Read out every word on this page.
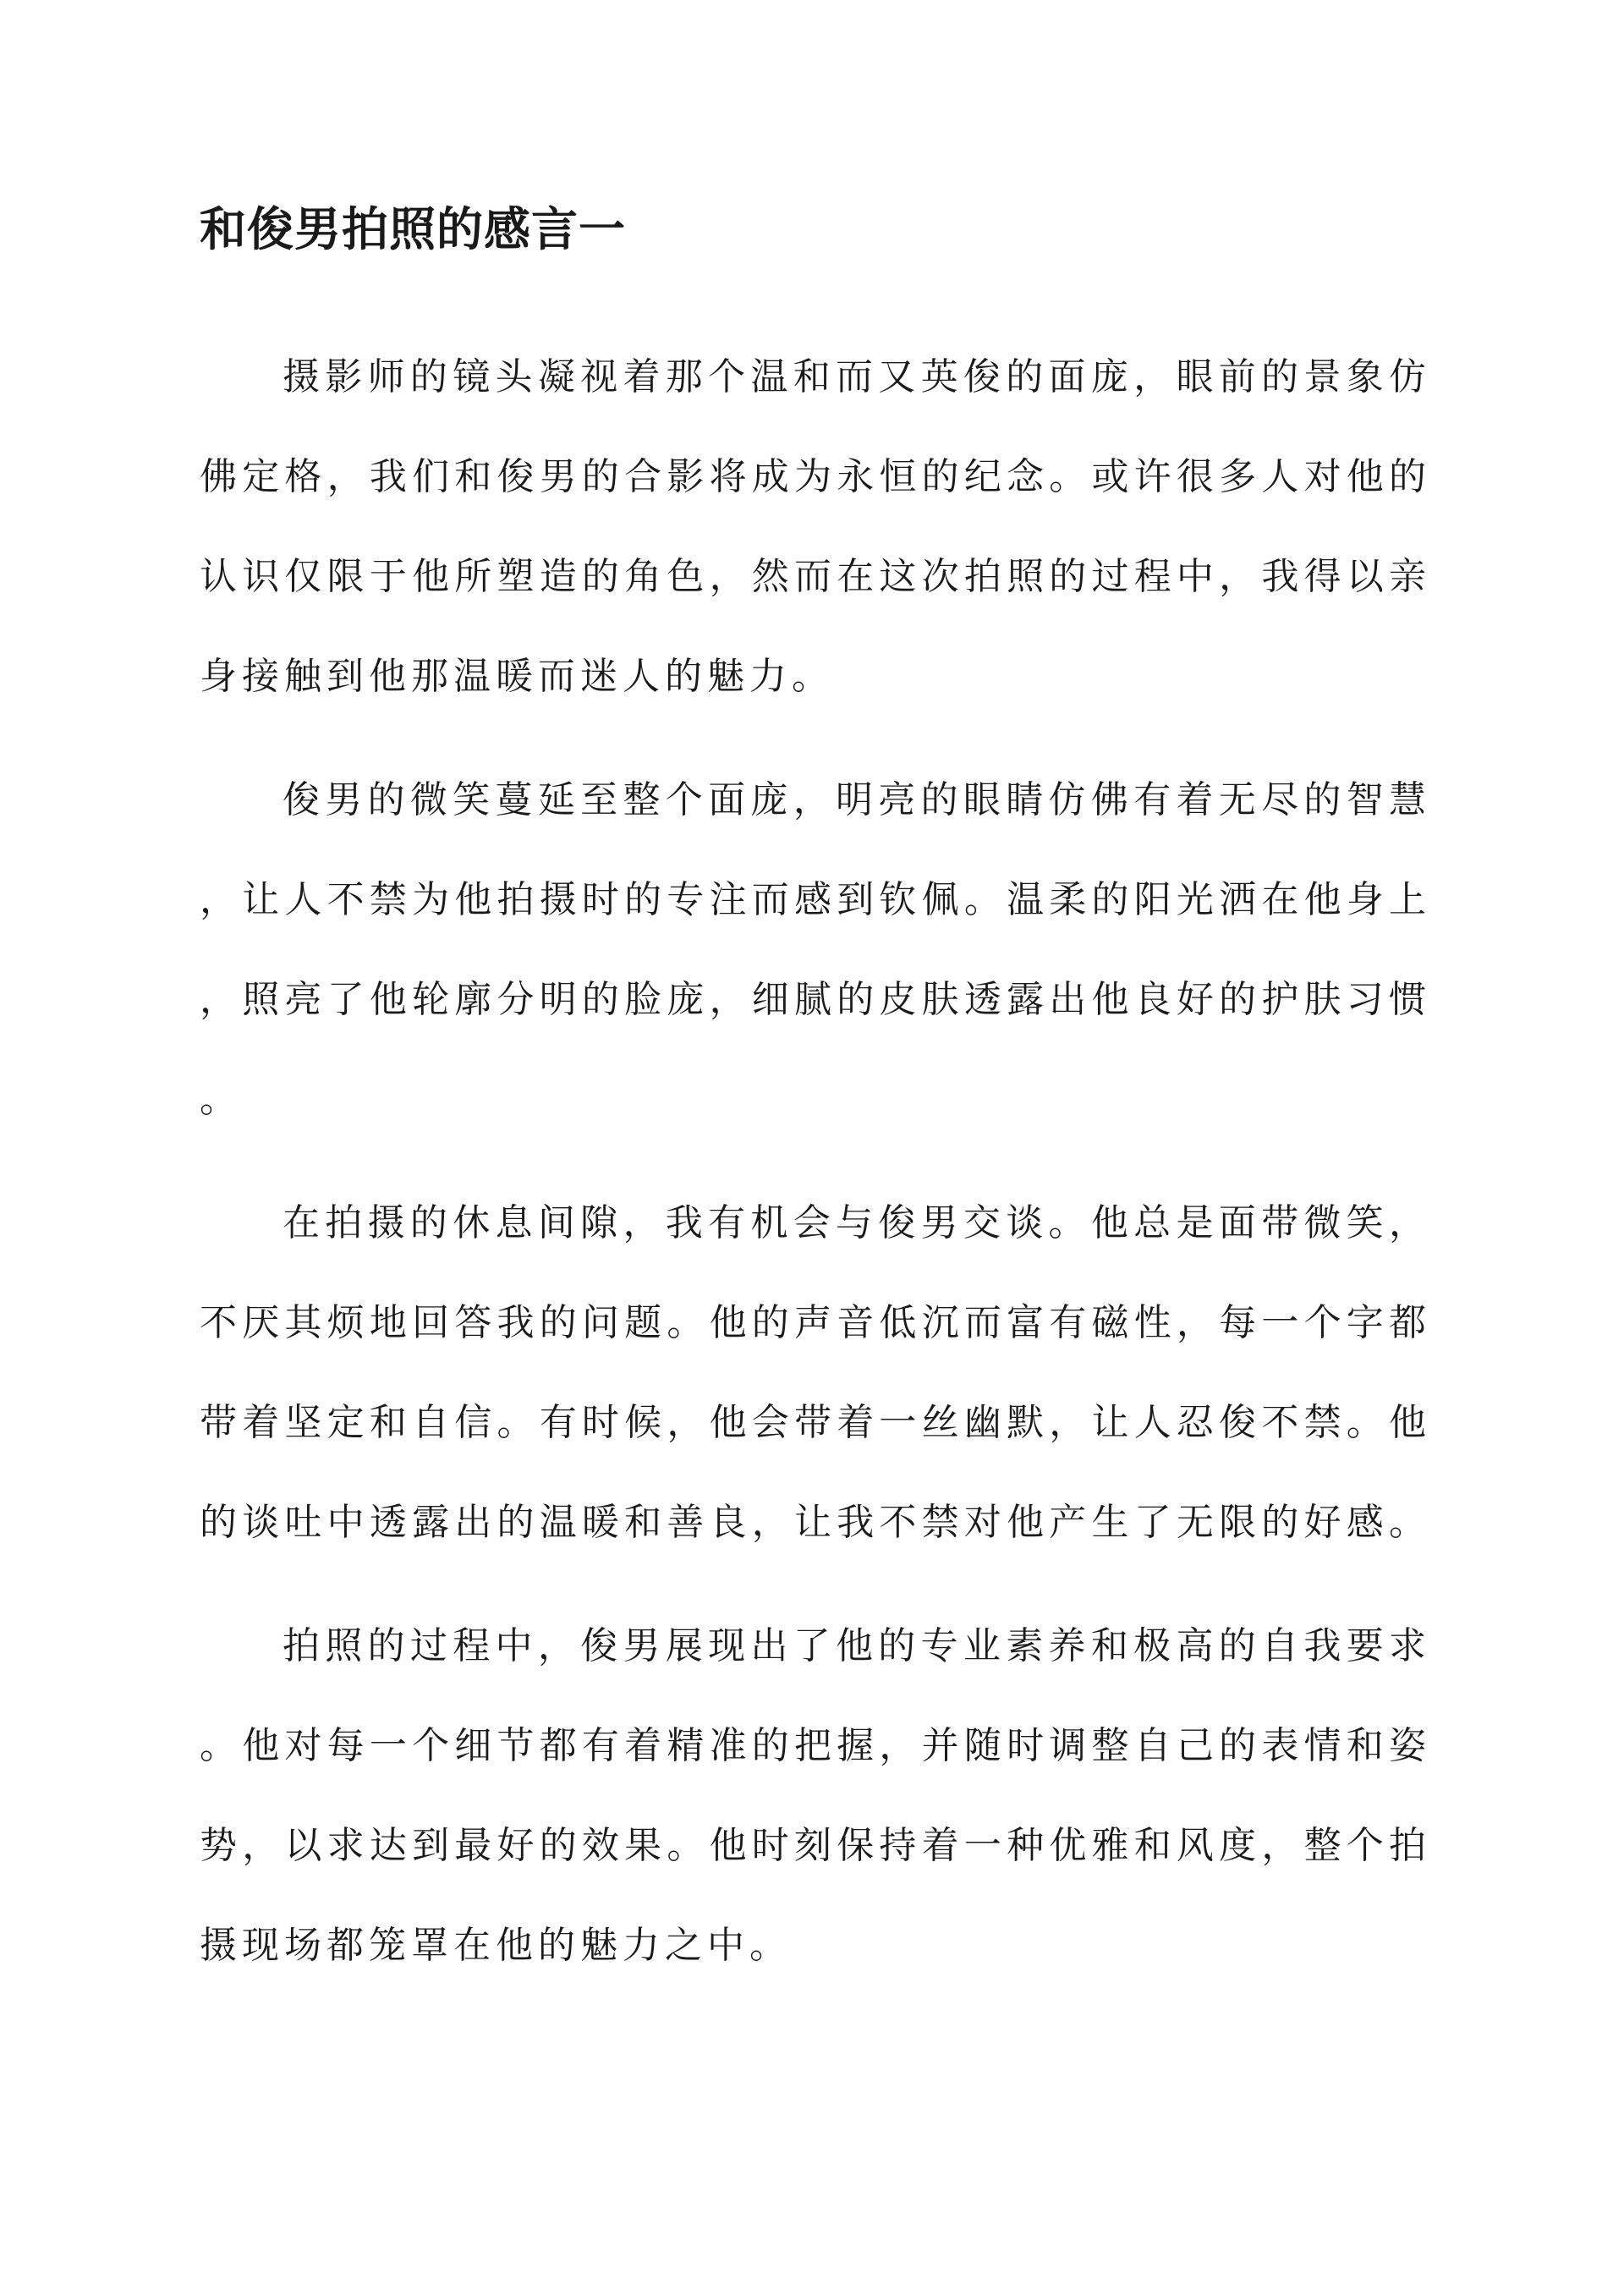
和俊男拍照的感言一

摄影师的镜头凝视着那个温和而又英俊的面庞，眼前的景象仿

佛定格，我们和俊男的合影将成为永恒的纪念。或许很多人对他的

认识仅限于他所塑造的角色，然而在这次拍照的过程中，我得以亲

身接触到他那温暖而迷人的魅力。

俊男的微笑蔓延至整个面庞，明亮的眼睛仿佛有着无尽的智慧

，让人不禁为他拍摄时的专注而感到钦佩。温柔的阳光洒在他身上

，照亮了他轮廓分明的脸庞，细腻的皮肤透露出他良好的护肤习惯

。

在拍摄的休息间隙，我有机会与俊男交谈。他总是面带微笑，

不厌其烦地回答我的问题。他的声音低沉而富有磁性，每一个字都

带着坚定和自信。有时候，他会带着一丝幽默，让人忍俊不禁。他

的谈吐中透露出的温暖和善良，让我不禁对他产生了无限的好感。

拍照的过程中，俊男展现出了他的专业素养和极高的自我要求

。他对每一个细节都有着精准的把握，并随时调整自己的表情和姿

势，以求达到最好的效果。他时刻保持着一种优雅和风度，整个拍

摄现场都笼罩在他的魅力之中。
